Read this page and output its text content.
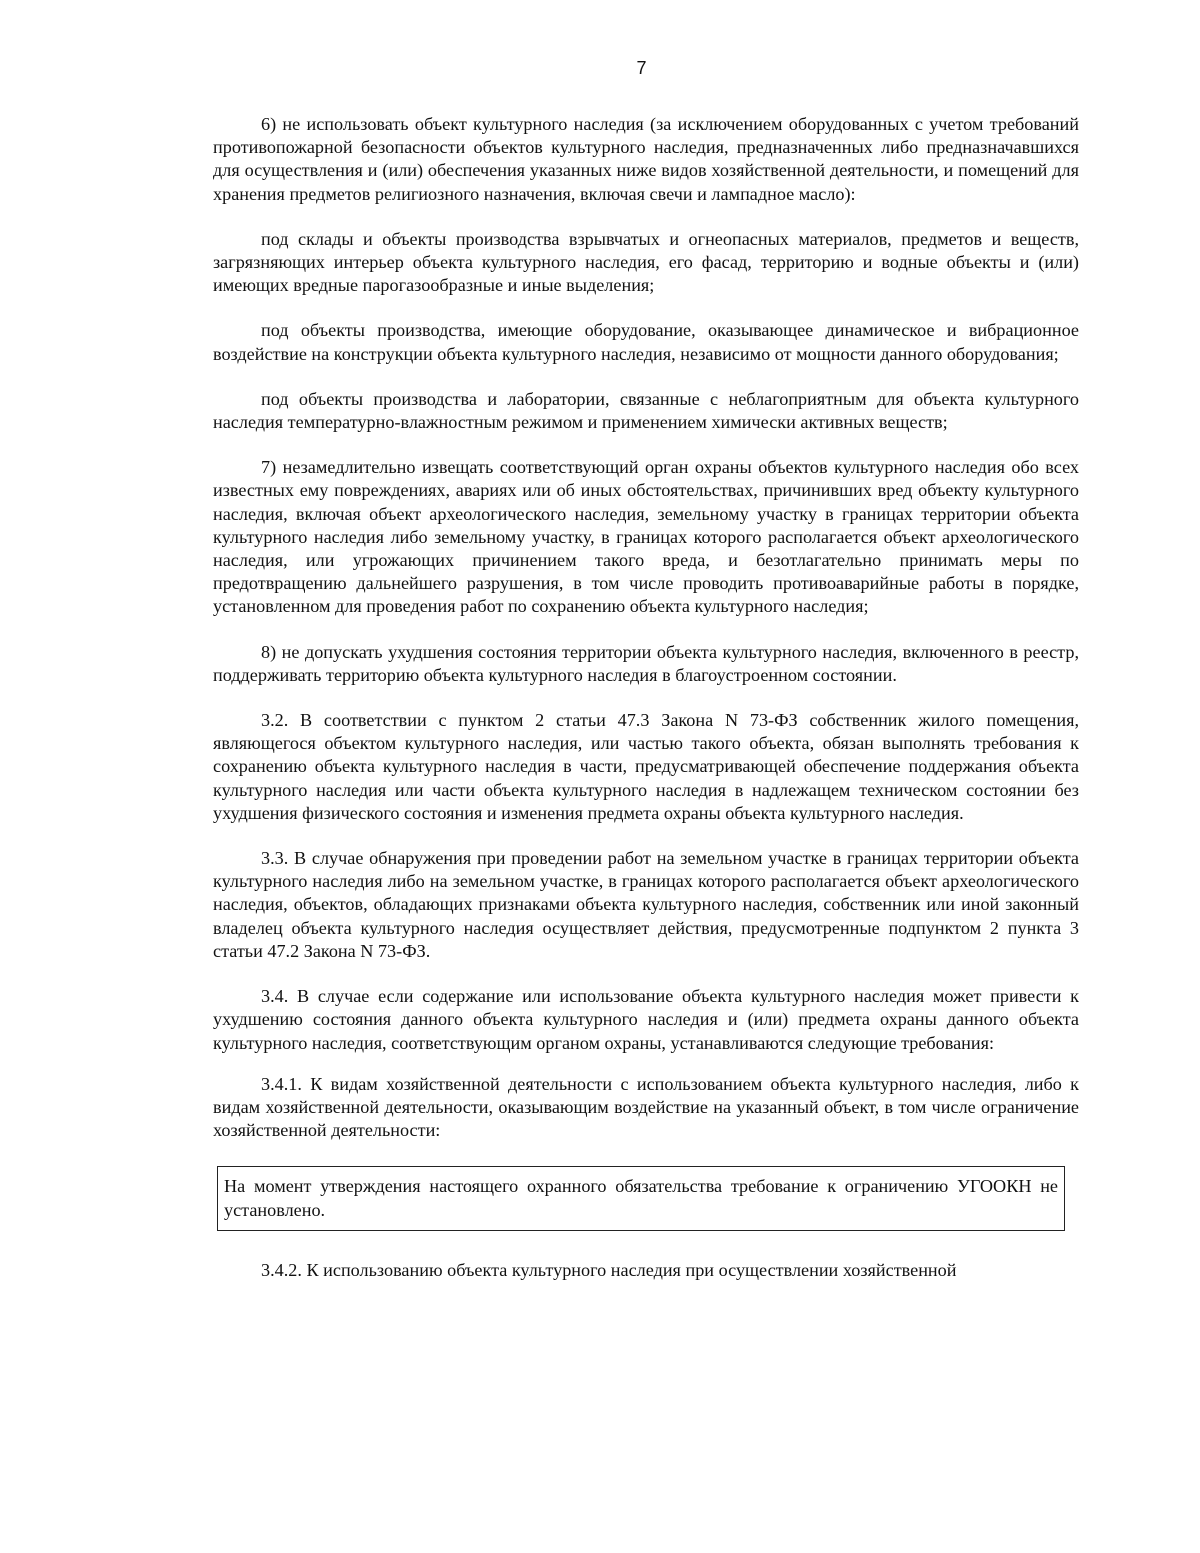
7

6) не использовать объект культурного наследия (за исключением оборудованных с учетом требований противопожарной безопасности объектов культурного наследия, предназначенных либо предназначавшихся для осуществления и (или) обеспечения указанных ниже видов хозяйственной деятельности, и помещений для хранения предметов религиозного назначения, включая свечи и лампадное масло):

под склады и объекты производства взрывчатых и огнеопасных материалов, предметов и веществ, загрязняющих интерьер объекта культурного наследия, его фасад, территорию и водные объекты и (или) имеющих вредные парогазообразные и иные выделения;

под объекты производства, имеющие оборудование, оказывающее динамическое и вибрационное воздействие на конструкции объекта культурного наследия, независимо от мощности данного оборудования;

под объекты производства и лаборатории, связанные с неблагоприятным для объекта культурного наследия температурно-влажностным режимом и применением химически активных веществ;

7) незамедлительно извещать соответствующий орган охраны объектов культурного наследия обо всех известных ему повреждениях, авариях или об иных обстоятельствах, причинивших вред объекту культурного наследия, включая объект археологического наследия, земельному участку в границах территории объекта культурного наследия либо земельному участку, в границах которого располагается объект археологического наследия, или угрожающих причинением такого вреда, и безотлагательно принимать меры по предотвращению дальнейшего разрушения, в том числе проводить противоаварийные работы в порядке, установленном для проведения работ по сохранению объекта культурного наследия;

8) не допускать ухудшения состояния территории объекта культурного наследия, включенного в реестр, поддерживать территорию объекта культурного наследия в благоустроенном состоянии.

3.2. В соответствии с пунктом 2 статьи 47.3 Закона N 73-ФЗ собственник жилого помещения, являющегося объектом культурного наследия, или частью такого объекта, обязан выполнять требования к сохранению объекта культурного наследия в части, предусматривающей обеспечение поддержания объекта культурного наследия или части объекта культурного наследия в надлежащем техническом состоянии без ухудшения физического состояния и изменения предмета охраны объекта культурного наследия.

3.3. В случае обнаружения при проведении работ на земельном участке в границах территории объекта культурного наследия либо на земельном участке, в границах которого располагается объект археологического наследия, объектов, обладающих признаками объекта культурного наследия, собственник или иной законный владелец объекта культурного наследия осуществляет действия, предусмотренные подпунктом 2 пункта 3 статьи 47.2 Закона N 73-ФЗ.

3.4. В случае если содержание или использование объекта культурного наследия может привести к ухудшению состояния данного объекта культурного наследия и (или) предмета охраны данного объекта культурного наследия, соответствующим органом охраны, устанавливаются следующие требования:

3.4.1. К видам хозяйственной деятельности с использованием объекта культурного наследия, либо к видам хозяйственной деятельности, оказывающим воздействие на указанный объект, в том числе ограничение хозяйственной деятельности:

На момент утверждения настоящего охранного обязательства требование к ограничению УГООКН не установлено.

3.4.2. К использованию объекта культурного наследия при осуществлении хозяйственной
